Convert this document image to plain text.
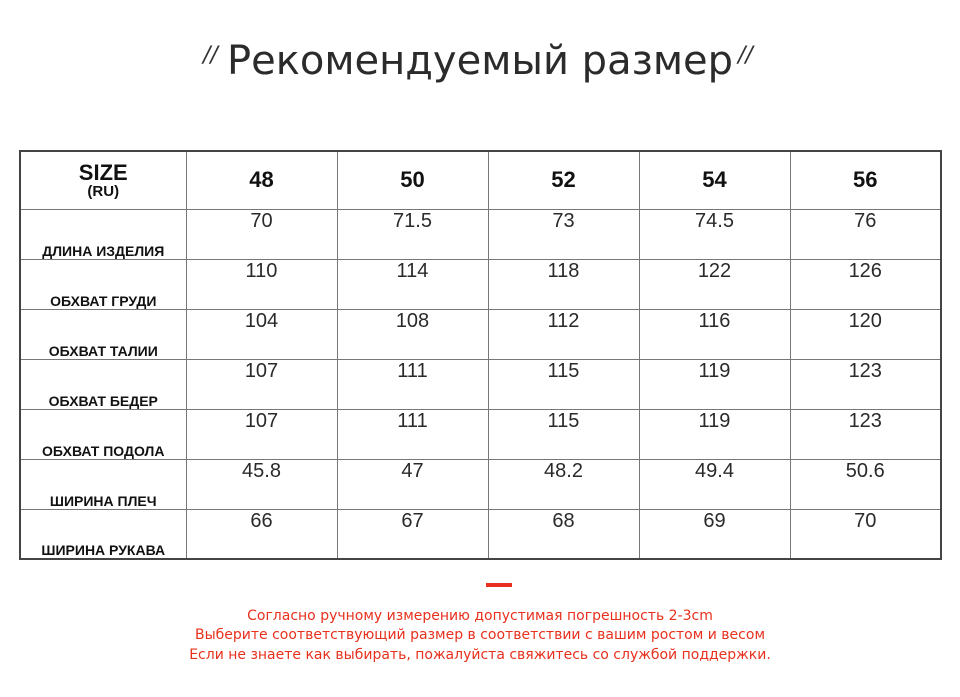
// Рекомендуемый размер //
SIZE
(RU)	48	50	52	54	56
ДЛИНА ИЗДЕЛИЯ	70	71.5	73	74.5	76
ОБХВАТ ГРУДИ	110	114	118	122	126
ОБХВАТ ТАЛИИ	104	108	112	116	120
ОБХВАТ БЕДЕР	107	111	115	119	123
ОБХВАТ ПОДОЛА	107	111	115	119	123
ШИРИНА ПЛЕЧ	45.8	47	48.2	49.4	50.6
ШИРИНА РУКАВА	66	67	68	69	70
Согласно ручному измерению допустимая погрешность 2-3cm
Выберите соответствующий размер в соответствии с вашим ростом и весом
Если не знаете как выбирать, пожалуйста свяжитесь со службой поддержки.
